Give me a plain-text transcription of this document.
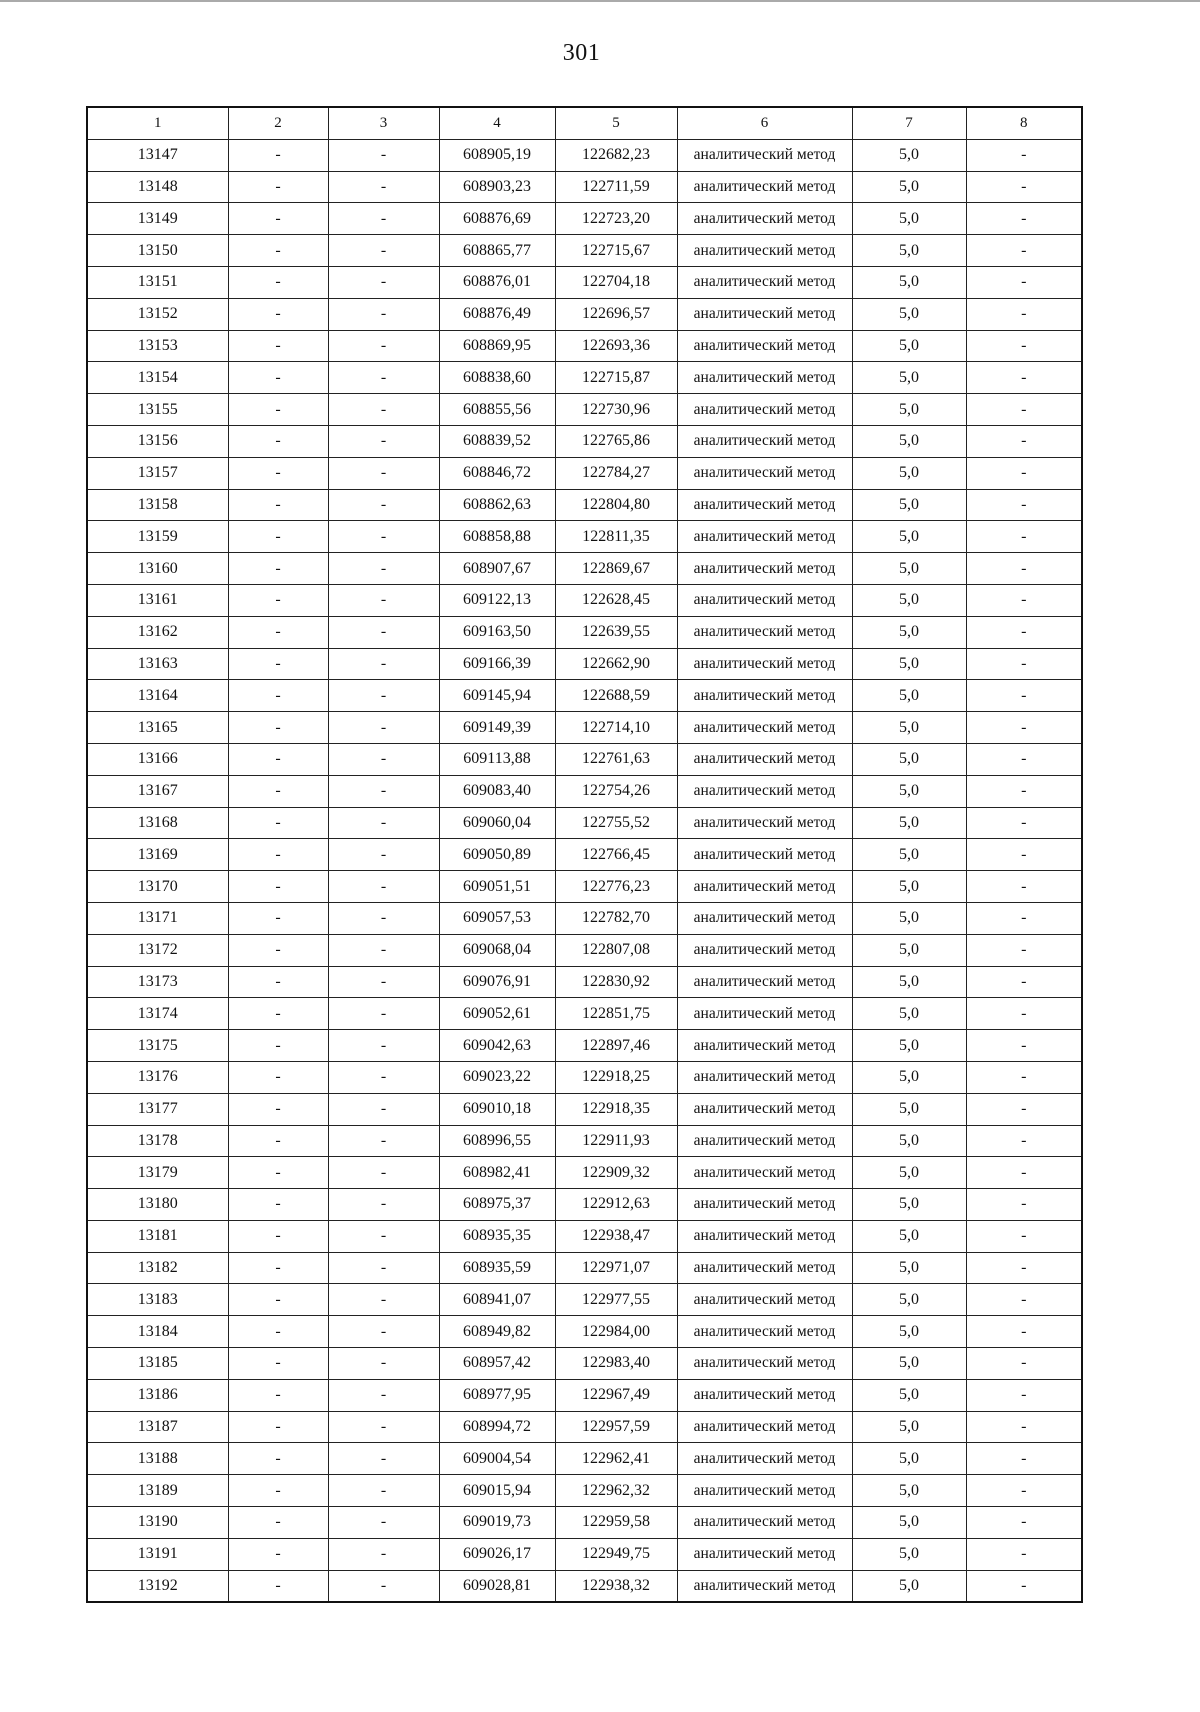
301
1	2	3	4	5	6	7	8
13147	-	-	608905,19	122682,23	аналитический метод	5,0	-
13148	-	-	608903,23	122711,59	аналитический метод	5,0	-
13149	-	-	608876,69	122723,20	аналитический метод	5,0	-
13150	-	-	608865,77	122715,67	аналитический метод	5,0	-
13151	-	-	608876,01	122704,18	аналитический метод	5,0	-
13152	-	-	608876,49	122696,57	аналитический метод	5,0	-
13153	-	-	608869,95	122693,36	аналитический метод	5,0	-
13154	-	-	608838,60	122715,87	аналитический метод	5,0	-
13155	-	-	608855,56	122730,96	аналитический метод	5,0	-
13156	-	-	608839,52	122765,86	аналитический метод	5,0	-
13157	-	-	608846,72	122784,27	аналитический метод	5,0	-
13158	-	-	608862,63	122804,80	аналитический метод	5,0	-
13159	-	-	608858,88	122811,35	аналитический метод	5,0	-
13160	-	-	608907,67	122869,67	аналитический метод	5,0	-
13161	-	-	609122,13	122628,45	аналитический метод	5,0	-
13162	-	-	609163,50	122639,55	аналитический метод	5,0	-
13163	-	-	609166,39	122662,90	аналитический метод	5,0	-
13164	-	-	609145,94	122688,59	аналитический метод	5,0	-
13165	-	-	609149,39	122714,10	аналитический метод	5,0	-
13166	-	-	609113,88	122761,63	аналитический метод	5,0	-
13167	-	-	609083,40	122754,26	аналитический метод	5,0	-
13168	-	-	609060,04	122755,52	аналитический метод	5,0	-
13169	-	-	609050,89	122766,45	аналитический метод	5,0	-
13170	-	-	609051,51	122776,23	аналитический метод	5,0	-
13171	-	-	609057,53	122782,70	аналитический метод	5,0	-
13172	-	-	609068,04	122807,08	аналитический метод	5,0	-
13173	-	-	609076,91	122830,92	аналитический метод	5,0	-
13174	-	-	609052,61	122851,75	аналитический метод	5,0	-
13175	-	-	609042,63	122897,46	аналитический метод	5,0	-
13176	-	-	609023,22	122918,25	аналитический метод	5,0	-
13177	-	-	609010,18	122918,35	аналитический метод	5,0	-
13178	-	-	608996,55	122911,93	аналитический метод	5,0	-
13179	-	-	608982,41	122909,32	аналитический метод	5,0	-
13180	-	-	608975,37	122912,63	аналитический метод	5,0	-
13181	-	-	608935,35	122938,47	аналитический метод	5,0	-
13182	-	-	608935,59	122971,07	аналитический метод	5,0	-
13183	-	-	608941,07	122977,55	аналитический метод	5,0	-
13184	-	-	608949,82	122984,00	аналитический метод	5,0	-
13185	-	-	608957,42	122983,40	аналитический метод	5,0	-
13186	-	-	608977,95	122967,49	аналитический метод	5,0	-
13187	-	-	608994,72	122957,59	аналитический метод	5,0	-
13188	-	-	609004,54	122962,41	аналитический метод	5,0	-
13189	-	-	609015,94	122962,32	аналитический метод	5,0	-
13190	-	-	609019,73	122959,58	аналитический метод	5,0	-
13191	-	-	609026,17	122949,75	аналитический метод	5,0	-
13192	-	-	609028,81	122938,32	аналитический метод	5,0	-
